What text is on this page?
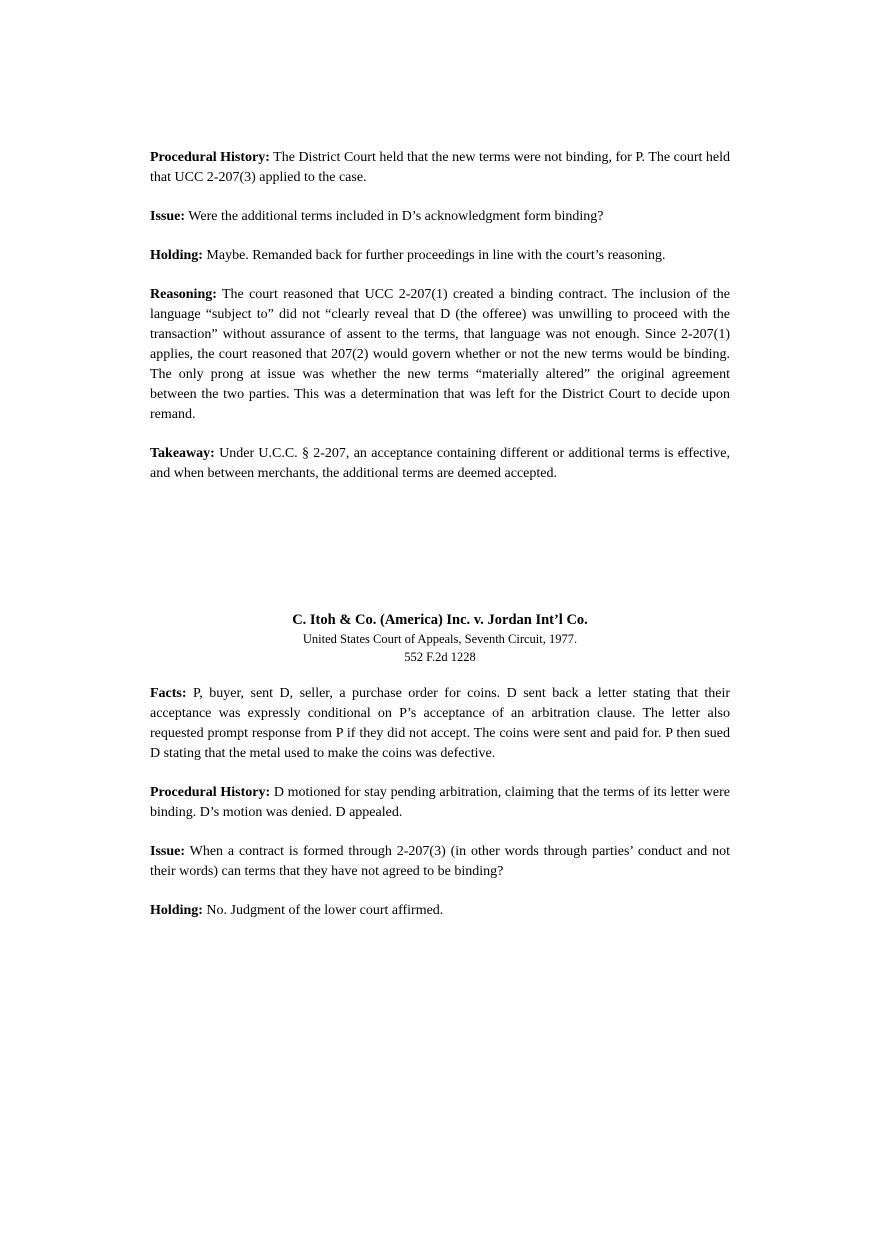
Procedural History: The District Court held that the new terms were not binding, for P. The court held that UCC 2-207(3) applied to the case.

Issue: Were the additional terms included in D’s acknowledgment form binding?

Holding: Maybe. Remanded back for further proceedings in line with the court’s reasoning.

Reasoning: The court reasoned that UCC 2-207(1) created a binding contract. The inclusion of the language “subject to” did not “clearly reveal that D (the offeree) was unwilling to proceed with the transaction” without assurance of assent to the terms, that language was not enough. Since 2-207(1) applies, the court reasoned that 207(2) would govern whether or not the new terms would be binding. The only prong at issue was whether the new terms “materially altered” the original agreement between the two parties. This was a determination that was left for the District Court to decide upon remand.

Takeaway: Under U.C.C. § 2-207, an acceptance containing different or additional terms is effective, and when between merchants, the additional terms are deemed accepted.

C. Itoh & Co. (America) Inc. v. Jordan Int’l Co.
United States Court of Appeals, Seventh Circuit, 1977.
552 F.2d 1228

Facts: P, buyer, sent D, seller, a purchase order for coins. D sent back a letter stating that their acceptance was expressly conditional on P’s acceptance of an arbitration clause. The letter also requested prompt response from P if they did not accept. The coins were sent and paid for. P then sued D stating that the metal used to make the coins was defective.

Procedural History: D motioned for stay pending arbitration, claiming that the terms of its letter were binding. D’s motion was denied. D appealed.

Issue: When a contract is formed through 2-207(3) (in other words through parties’ conduct and not their words) can terms that they have not agreed to be binding?

Holding: No. Judgment of the lower court affirmed.
